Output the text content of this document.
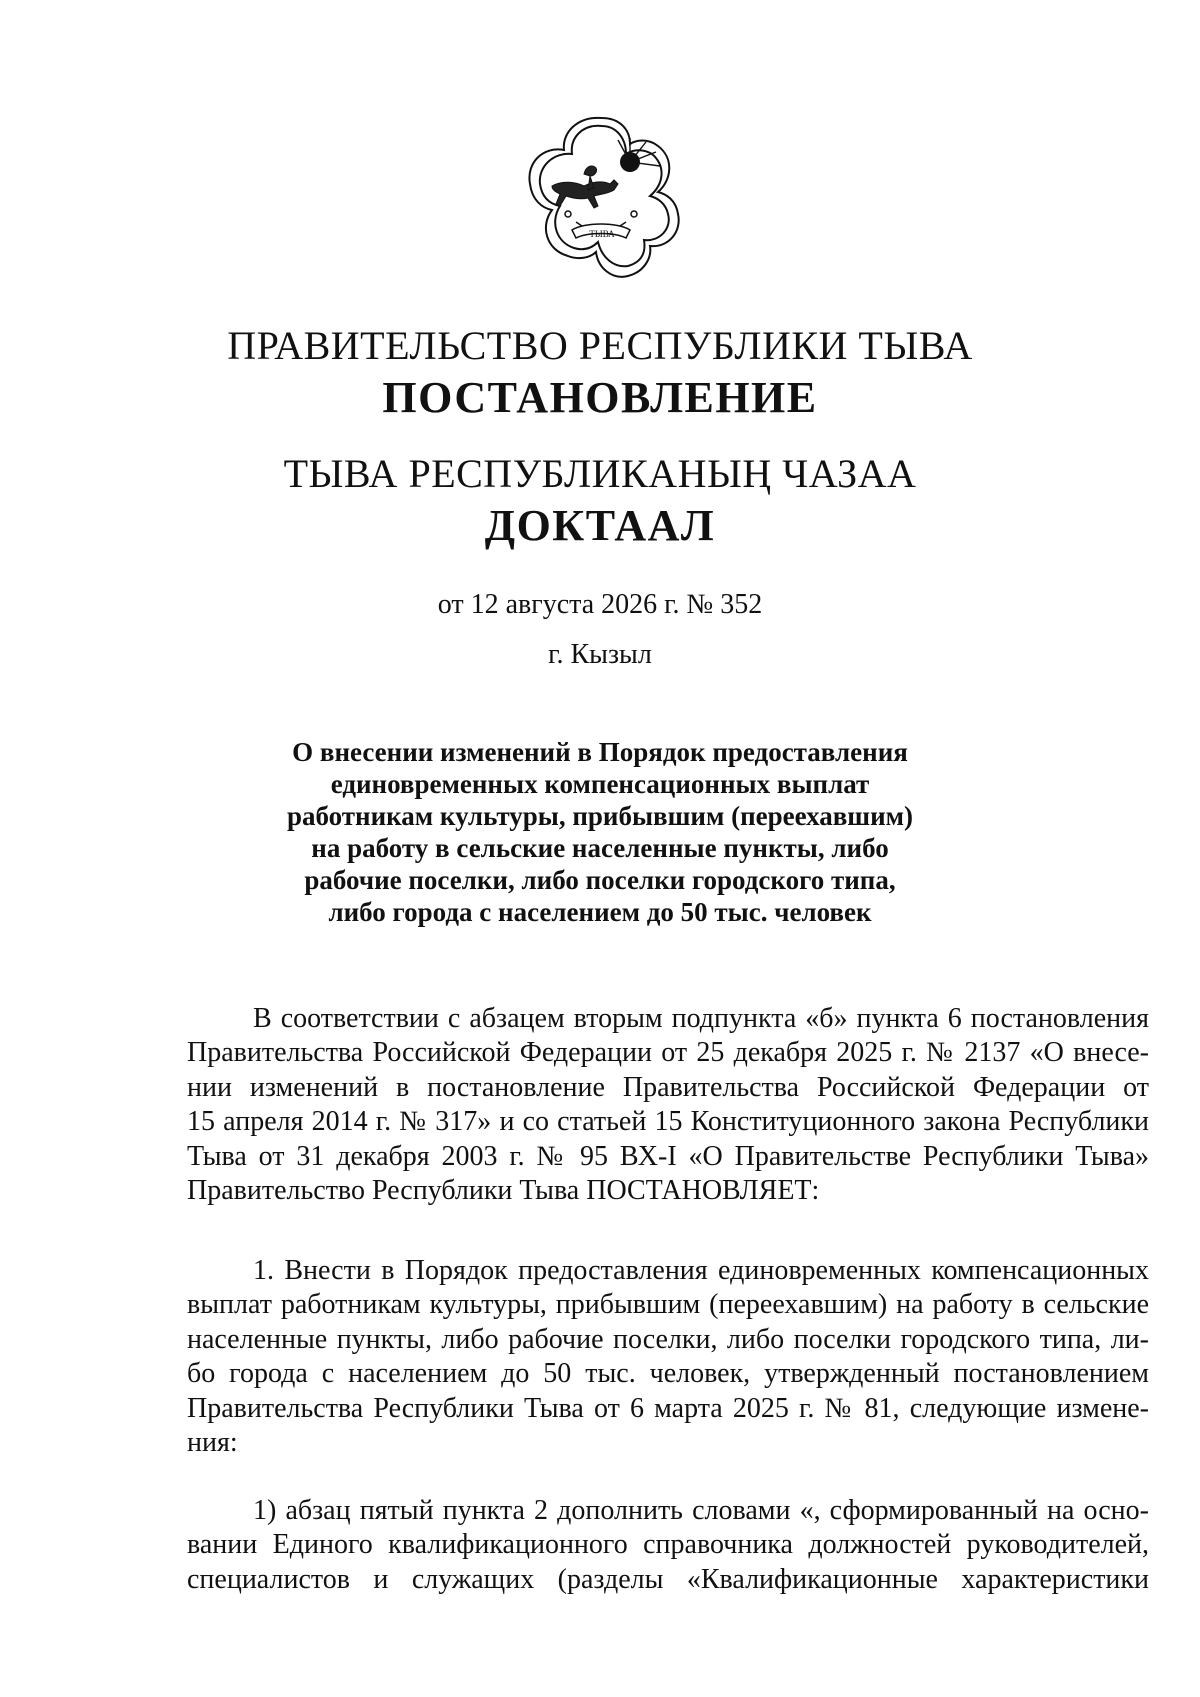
ТЫВА
ПРАВИТЕЛЬСТВО РЕСПУБЛИКИ ТЫВА
ПОСТАНОВЛЕНИЕ
ТЫВА РЕСПУБЛИКАНЫҢ ЧАЗАА
ДОКТААЛ
от 12 августа 2026 г. № 352
г. Кызыл
О внесении изменений в Порядок предоставления
единовременных компенсационных выплат
работникам культуры, прибывшим (переехавшим)
на работу в сельские населенные пункты, либо
рабочие поселки, либо поселки городского типа,
либо города с населением до 50 тыс. человек
В соответствии с абзацем вторым подпункта «б» пункта 6 постановления
Правительства Российской Федерации от 25 декабря 2025 г. № 2137 «О внесе-
нии изменений в постановление Правительства Российской Федерации от
15 апреля 2014 г. № 317» и со статьей 15 Конституционного закона Республики
Тыва от 31 декабря 2003 г. № 95 ВХ-I «О Правительстве Республики Тыва»
Правительство Республики Тыва ПОСТАНОВЛЯЕТ:
1. Внести в Порядок предоставления единовременных компенсационных
выплат работникам культуры, прибывшим (переехавшим) на работу в сельские
населенные пункты, либо рабочие поселки, либо поселки городского типа, ли-
бо города с населением до 50 тыс. человек, утвержденный постановлением
Правительства Республики Тыва от 6 марта 2025 г. № 81, следующие измене-
ния:
1) абзац пятый пункта 2 дополнить словами «, сформированный на осно-
вании Единого квалификационного справочника должностей руководителей,
специалистов и служащих (разделы «Квалификационные характеристики
